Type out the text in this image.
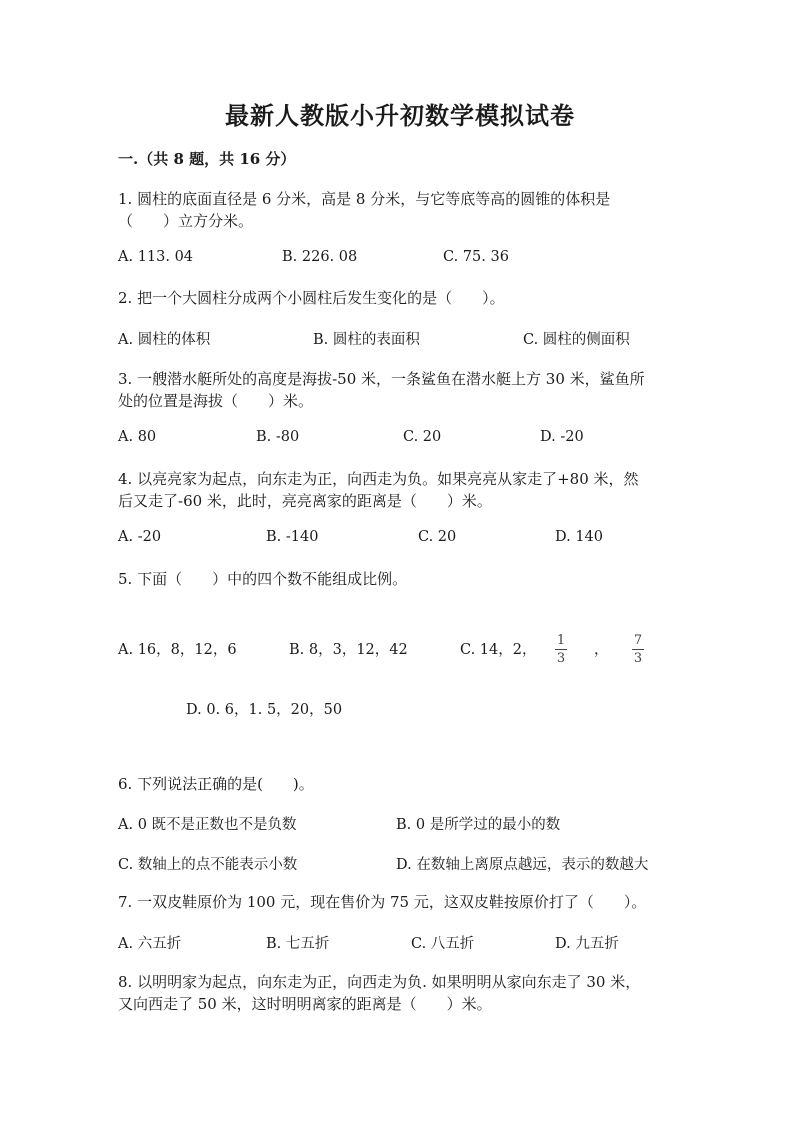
最新人教版小升初数学模拟试卷
一.（共 8 题，共 16 分）
1. 圆柱的底面直径是 6 分米，高是 8 分米，与它等底等高的圆锥的体积是
（　　）立方分米。
A. 113. 04	B. 226. 08	C. 75. 36
2. 把一个大圆柱分成两个小圆柱后发生变化的是（　　）。
A. 圆柱的体积	B. 圆柱的表面积	C. 圆柱的侧面积
3. 一艘潜水艇所处的高度是海拔-50 米，一条鲨鱼在潜水艇上方 30 米，鲨鱼所
处的位置是海拔（　　）米。
A. 80	B. -80	C. 20	D. -20
4. 以亮亮家为起点，向东走为正，向西走为负。如果亮亮从家走了+80 米，然
后又走了-60 米，此时，亮亮离家的距离是（　　）米。
A. -20	B. -140	C. 20	D. 140
5. 下面（　　）中的四个数不能组成比例。
A. 16，8，12，6	B. 8，3，12，42	C. 14，2，
1
3
，
7
3
D. 0. 6，1. 5，20，50
6. 下列说法正确的是(　　)。
A. 0 既不是正数也不是负数	B. 0 是所学过的最小的数
C. 数轴上的点不能表示小数	D. 在数轴上离原点越远，表示的数越大
7. 一双皮鞋原价为 100 元，现在售价为 75 元，这双皮鞋按原价打了（　　）。
A. 六五折	B. 七五折	C. 八五折	D. 九五折
8. 以明明家为起点，向东走为正，向西走为负. 如果明明从家向东走了 30 米，
又向西走了 50 米，这时明明离家的距离是（　　）米。
